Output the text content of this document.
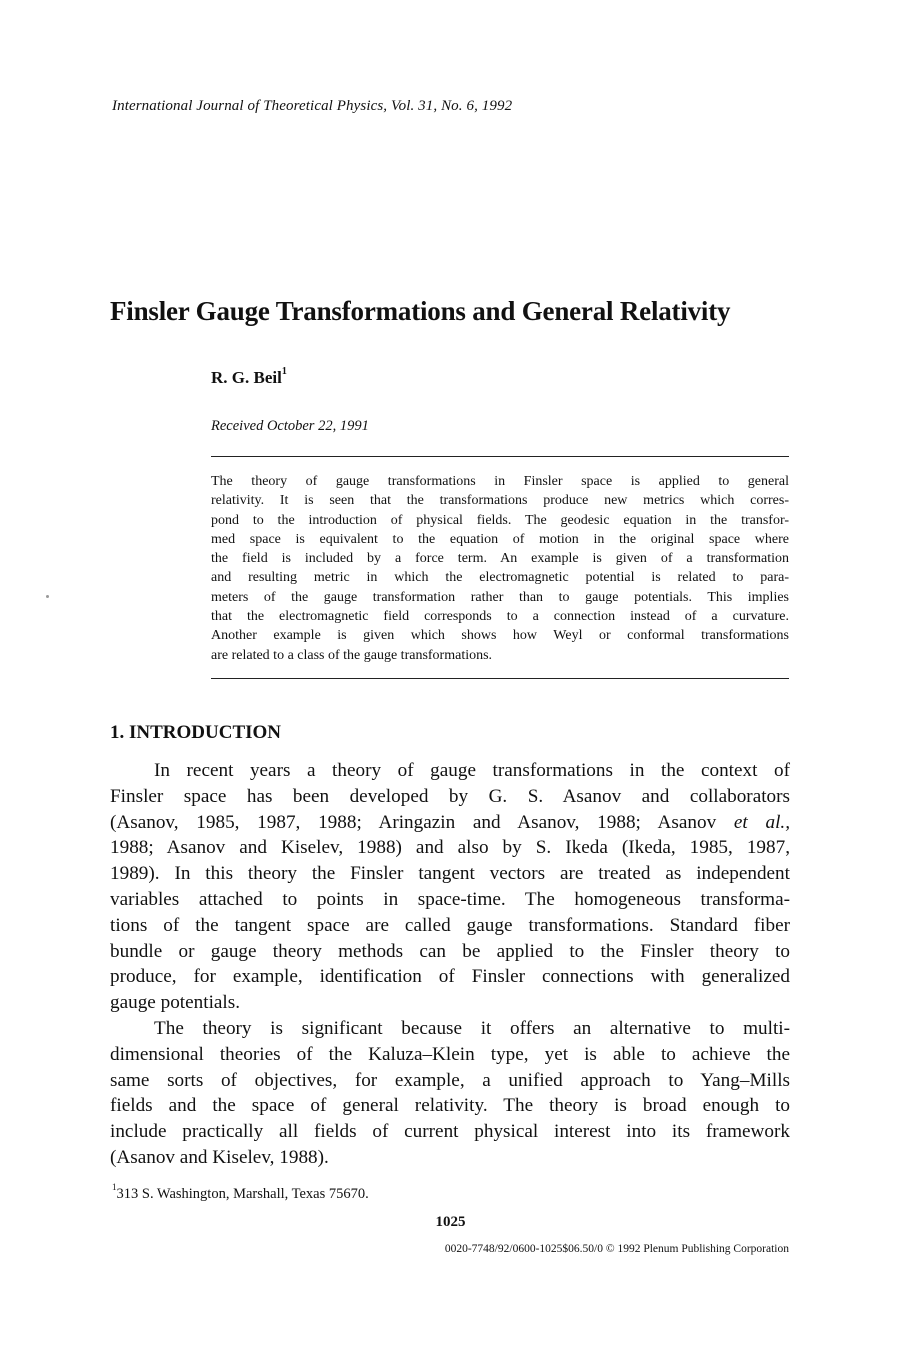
International Journal of Theoretical Physics, Vol. 31, No. 6, 1992
Finsler Gauge Transformations and General Relativity
R. G. Beil$^1$
Received October 22, 1991
The theory of gauge transformations in Finsler space is applied to general
relativity. It is seen that the transformations produce new metrics which corres-
pond to the introduction of physical fields. The geodesic equation in the transfor-
med space is equivalent to the equation of motion in the original space where
the field is included by a force term. An example is given of a transformation
and resulting metric in which the electromagnetic potential is related to para-
meters of the gauge transformation rather than to gauge potentials. This implies
that the electromagnetic field corresponds to a connection instead of a curvature.
Another example is given which shows how Weyl or conformal transformations
are related to a class of the gauge transformations.
1. INTRODUCTION
In recent years a theory of gauge transformations in the context of
Finsler space has been developed by G. S. Asanov and collaborators
(Asanov, 1985, 1987, 1988; Aringazin and Asanov, 1988; Asanov et al.,
1988; Asanov and Kiselev, 1988) and also by S. Ikeda (Ikeda, 1985, 1987,
1989). In this theory the Finsler tangent vectors are treated as independent
variables attached to points in space-time. The homogeneous transforma-
tions of the tangent space are called gauge transformations. Standard fiber
bundle or gauge theory methods can be applied to the Finsler theory to
produce, for example, identification of Finsler connections with generalized
gauge potentials.
The theory is significant because it offers an alternative to multi-
dimensional theories of the Kaluza–Klein type, yet is able to achieve the
same sorts of objectives, for example, a unified approach to Yang–Mills
fields and the space of general relativity. The theory is broad enough to
include practically all fields of current physical interest into its framework
(Asanov and Kiselev, 1988).
$^1$313 S. Washington, Marshall, Texas 75670.
1025
0020-7748/92/0600-1025$06.50/0 © 1992 Plenum Publishing Corporation
